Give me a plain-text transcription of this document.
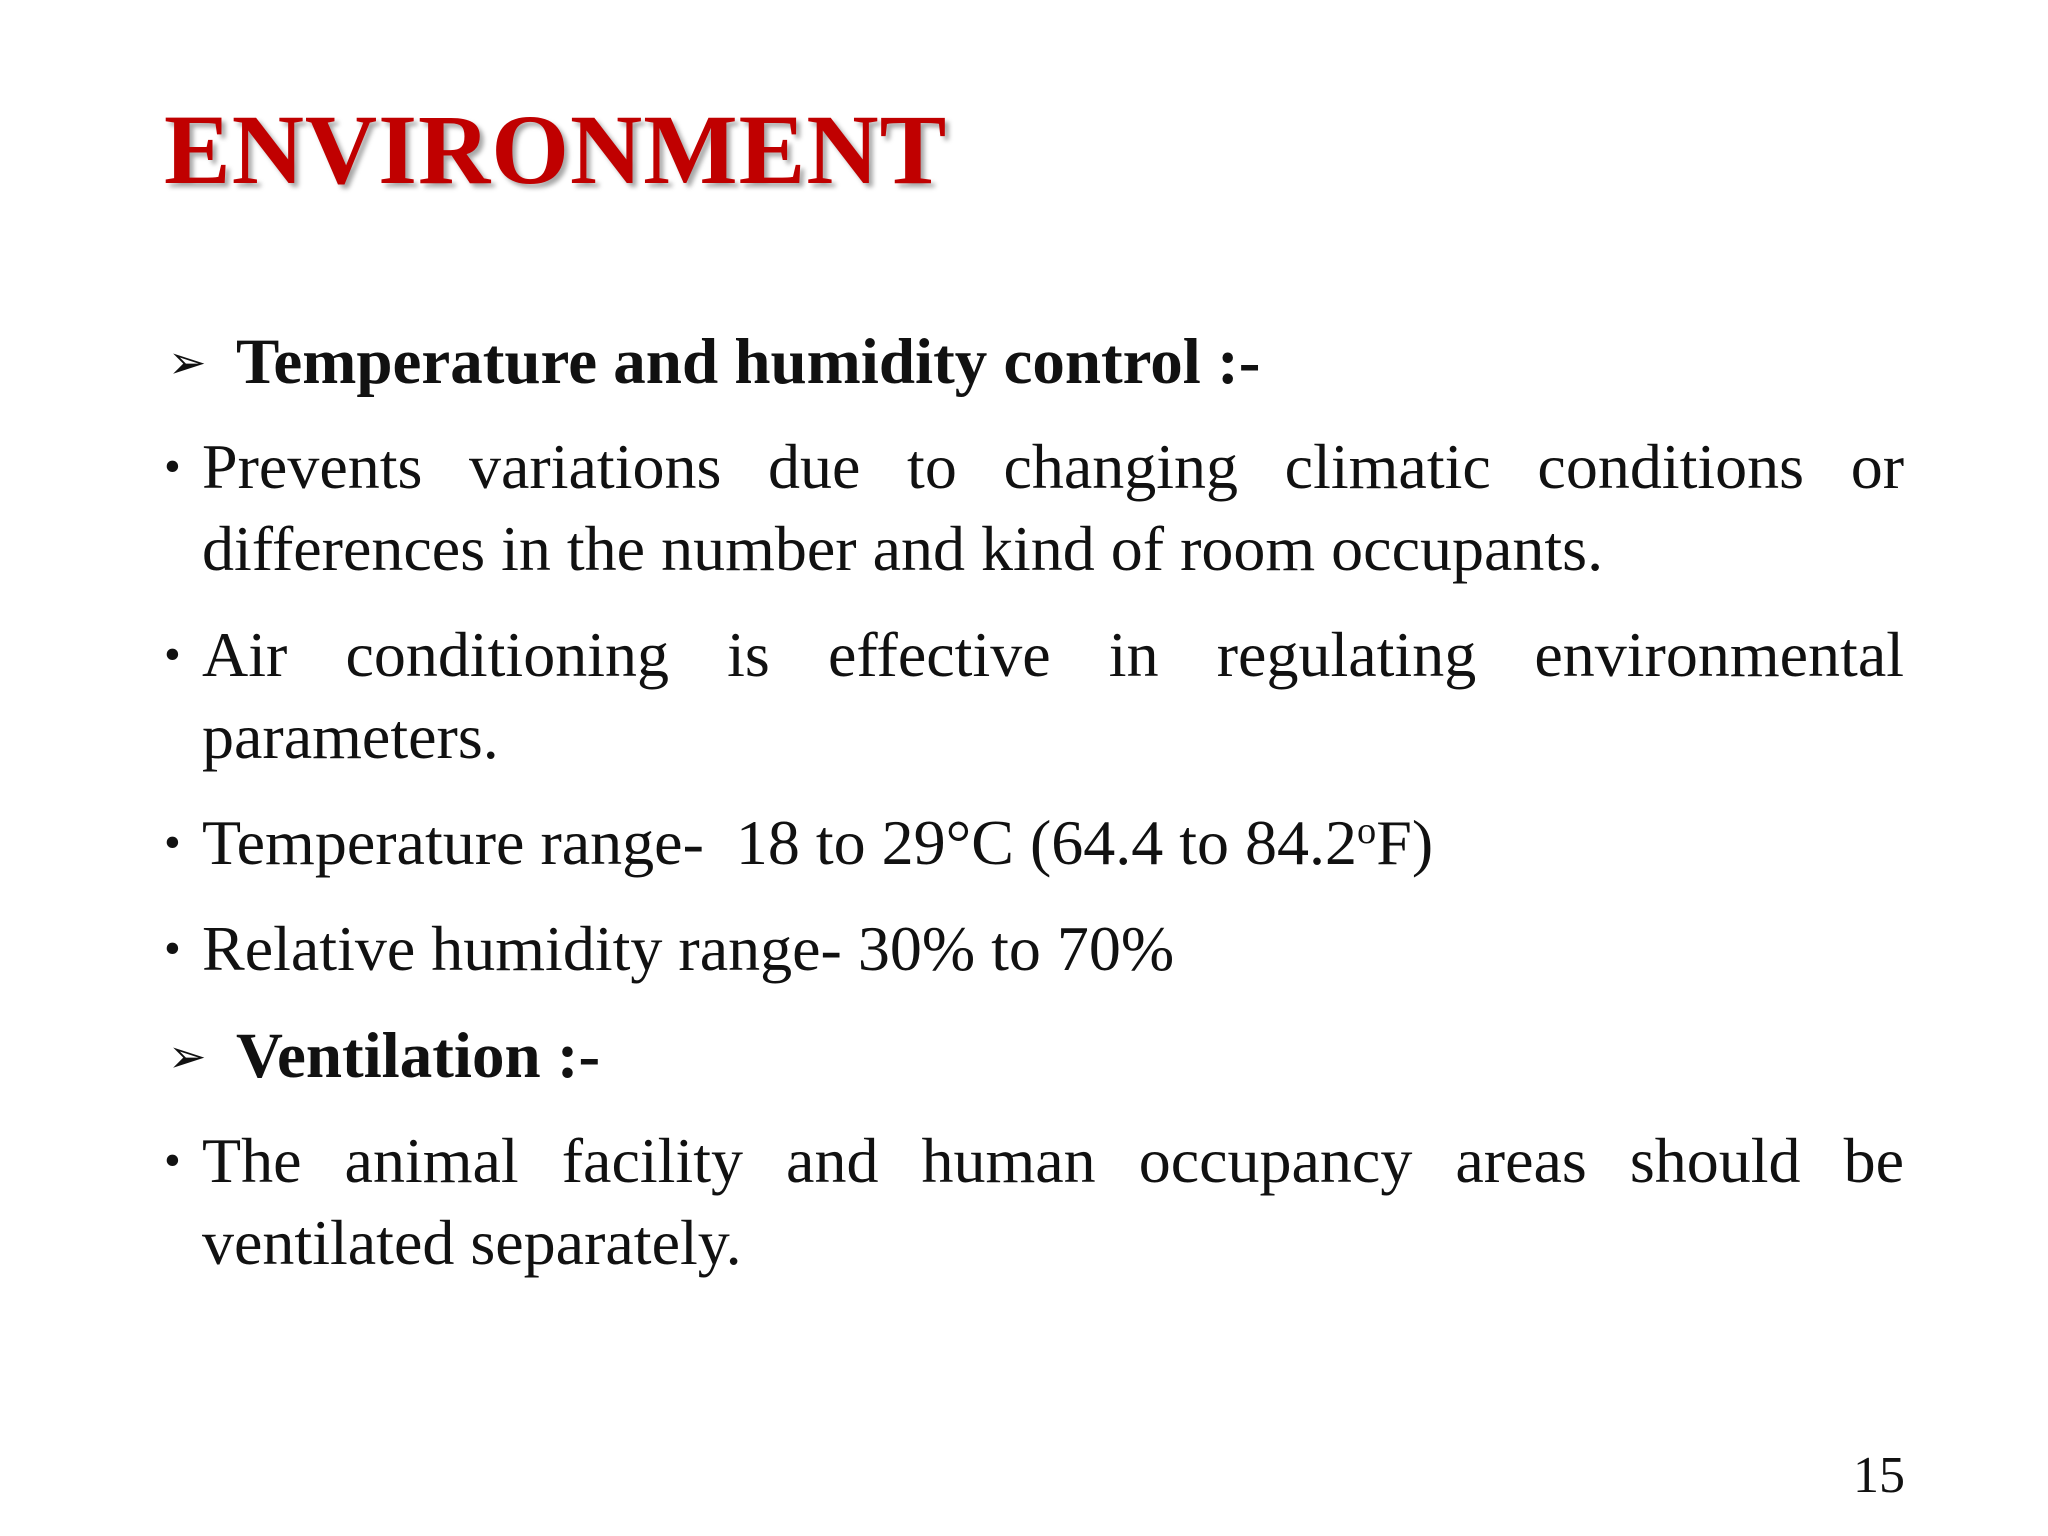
ENVIRONMENT
➢ Temperature and humidity control :-
• Prevents variations due to changing climatic conditions or differences in the number and kind of room occupants.
• Air conditioning is effective in regulating environmental parameters.
• Temperature range-  18 to 29°C (64.4 to 84.2$^o$F)
• Relative humidity range- 30% to 70%
➢ Ventilation :-
• The animal facility and human occupancy areas should be ventilated separately.
15
